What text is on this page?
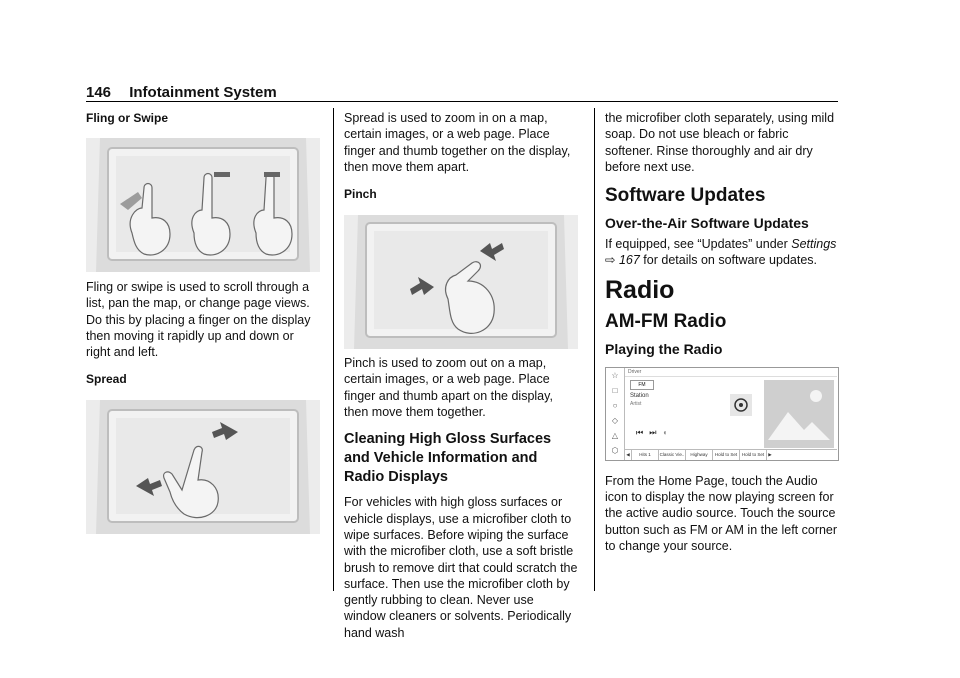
146 Infotainment System

Fling or Swipe

Fling or swipe is used to scroll through a list, pan the map, or change page views. Do this by placing a finger on the display then moving it rapidly up and down or right and left.

Spread

Spread is used to zoom in on a map, certain images, or a web page. Place finger and thumb together on the display, then move them apart.

Pinch

Pinch is used to zoom out on a map, certain images, or a web page. Place finger and thumb apart on the display, then move them together.

Cleaning High Gloss Surfaces and Vehicle Information and Radio Displays

For vehicles with high gloss surfaces or vehicle displays, use a microfiber cloth to wipe surfaces. Before wiping the surface with the microfiber cloth, use a soft bristle brush to remove dirt that could scratch the surface. Then use the microfiber cloth by gently rubbing to clean. Never use window cleaners or solvents. Periodically hand wash

the microfiber cloth separately, using mild soap. Do not use bleach or fabric softener. Rinse thoroughly and air dry before next use.

Software Updates

Over-the-Air Software Updates

If equipped, see “Updates” under Settings
⇨ 167 for details on software updates.

Radio

AM-FM Radio

Playing the Radio

☆
□
○
◇
△
⬡
Driver
FM
Station
Artist
⏮⏭◖
◀	Hits 1	Classic Vie..	Highway	Hold to Set	Hold to Set ▶

From the Home Page, touch the Audio icon to display the now playing screen for the active audio source. Touch the source button such as FM or AM in the left corner to change your source.
